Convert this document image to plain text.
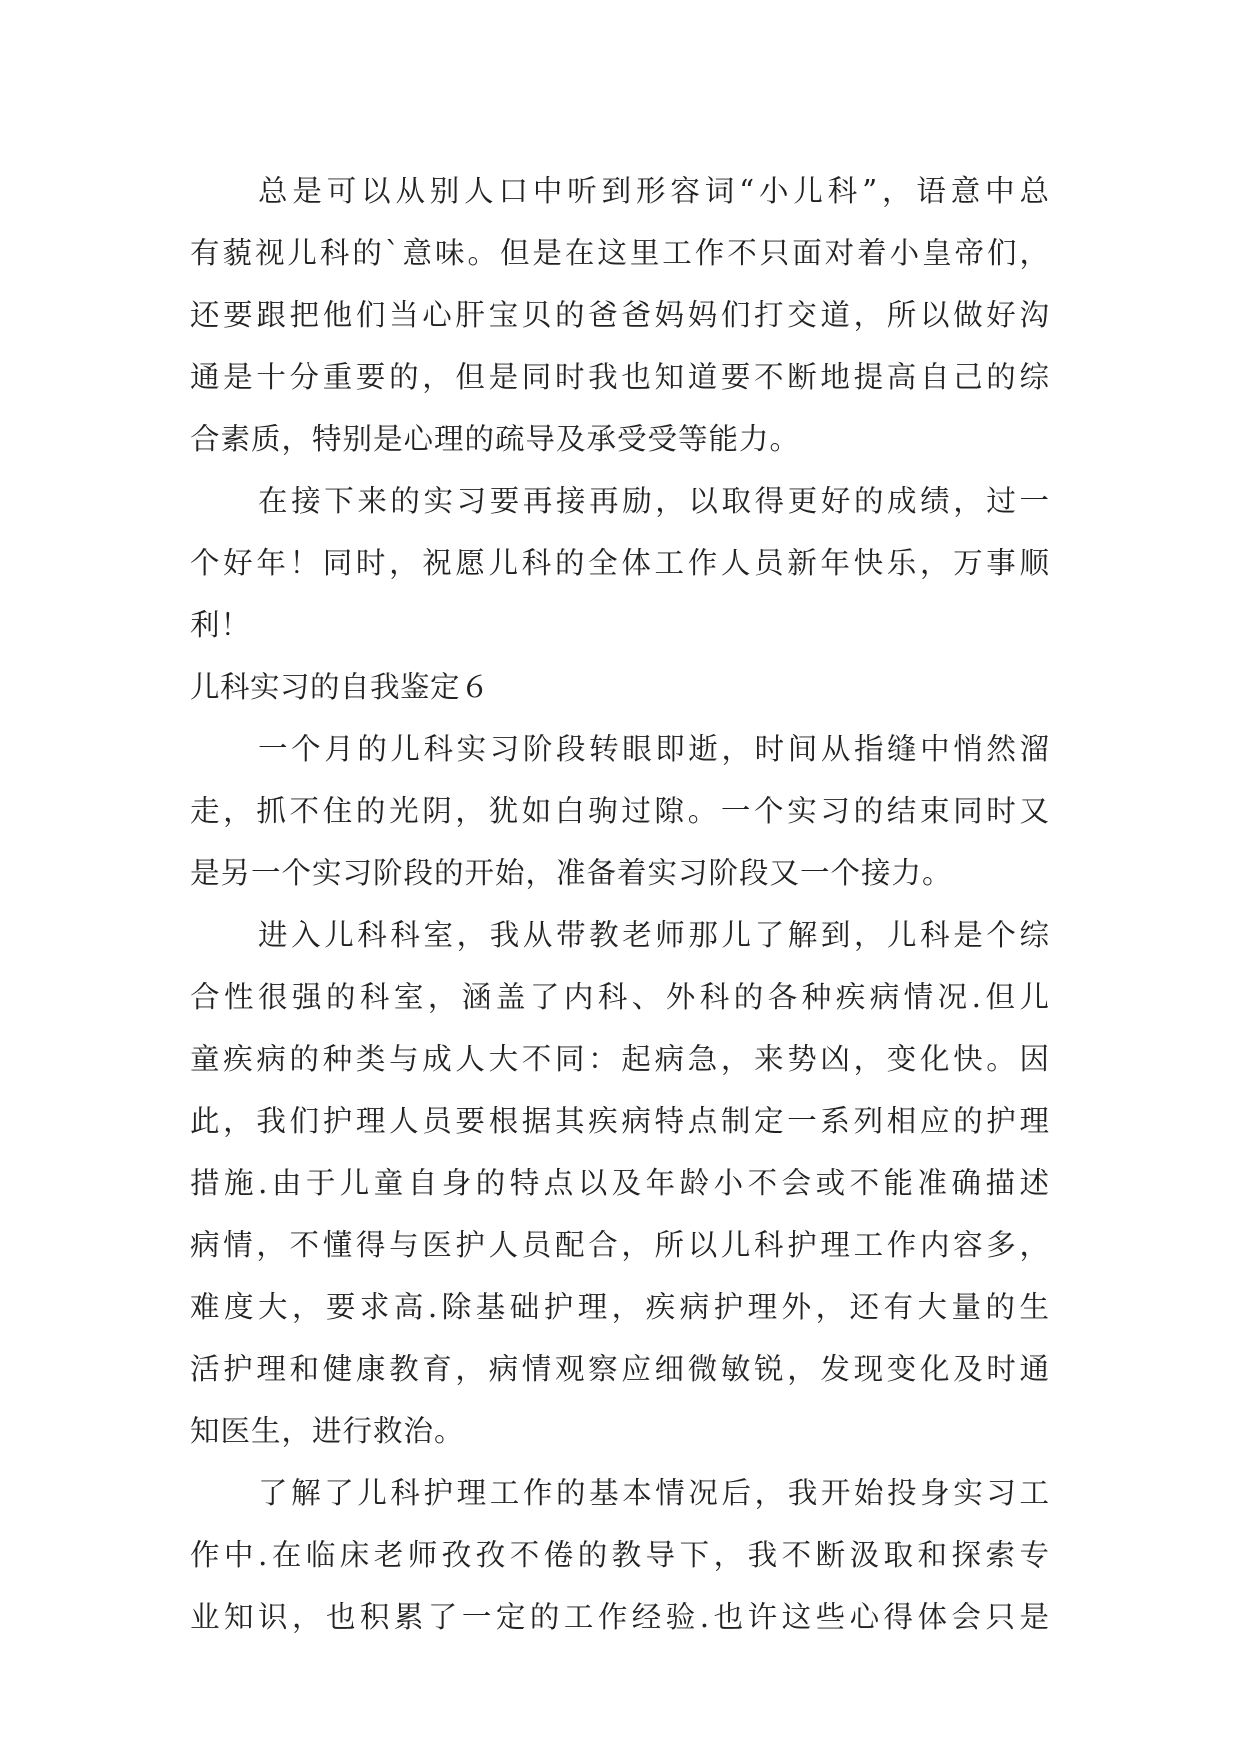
总是可以从别人口中听到形容词“小儿科”，语意中总
有藐视儿科的`意味。但是在这里工作不只面对着小皇帝们，
还要跟把他们当心肝宝贝的爸爸妈妈们打交道，所以做好沟
通是十分重要的，但是同时我也知道要不断地提高自己的综
合素质，特别是心理的疏导及承受受等能力。
在接下来的实习要再接再励，以取得更好的成绩，过一
个好年！同时，祝愿儿科的全体工作人员新年快乐，万事顺
利！
儿科实习的自我鉴定６
一个月的儿科实习阶段转眼即逝，时间从指缝中悄然溜
走，抓不住的光阴，犹如白驹过隙。一个实习的结束同时又
是另一个实习阶段的开始，准备着实习阶段又一个接力。
进入儿科科室，我从带教老师那儿了解到，儿科是个综
合性很强的科室，涵盖了内科、外科的各种疾病情况.但儿
童疾病的种类与成人大不同：起病急，来势凶，变化快。因
此，我们护理人员要根据其疾病特点制定一系列相应的护理
措施.由于儿童自身的特点以及年龄小不会或不能准确描述
病情，不懂得与医护人员配合，所以儿科护理工作内容多，
难度大，要求高.除基础护理，疾病护理外，还有大量的生
活护理和健康教育，病情观察应细微敏锐，发现变化及时通
知医生，进行救治。
了解了儿科护理工作的基本情况后，我开始投身实习工
作中.在临床老师孜孜不倦的教导下，我不断汲取和探索专
业知识，也积累了一定的工作经验.也许这些心得体会只是
